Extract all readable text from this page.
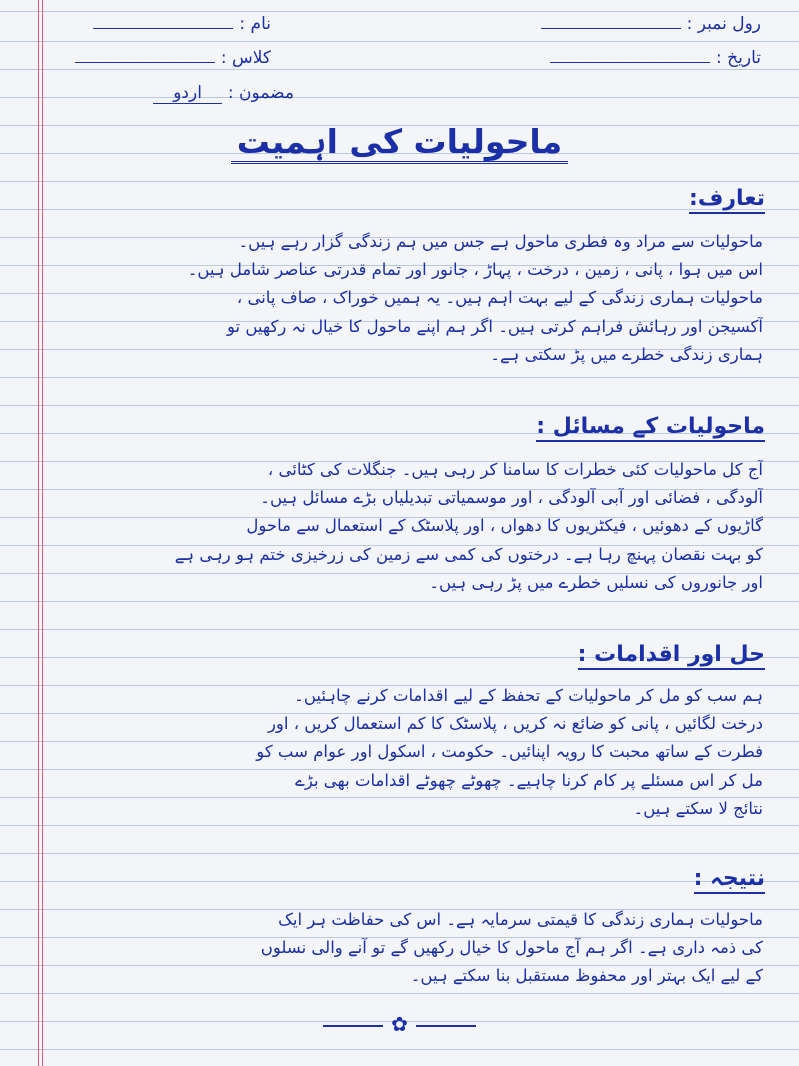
رول نمبر :
نام :
تاریخ :
کلاس :
مضمون :اردو
ماحولیات کی اہمیت
تعارف:
ماحولیات سے مراد وہ فطری ماحول ہے جس میں ہم زندگی گزار رہے ہیں۔
اس میں ہوا ، پانی ، زمین ، درخت ، پہاڑ ، جانور اور تمام قدرتی عناصر شامل ہیں۔
ماحولیات ہماری زندگی کے لیے بہت اہم ہیں۔ یہ ہمیں خوراک ، صاف پانی ،
آکسیجن اور رہائش فراہم کرتی ہیں۔ اگر ہم اپنے ماحول کا خیال نہ رکھیں تو
ہماری زندگی خطرے میں پڑ سکتی ہے۔
ماحولیات کے مسائل :
آج کل ماحولیات کئی خطرات کا سامنا کر رہی ہیں۔ جنگلات کی کٹائی ،
آلودگی ، فضائی اور آبی آلودگی ، اور موسمیاتی تبدیلیاں بڑے مسائل ہیں۔
گاڑیوں کے دھوئیں ، فیکٹریوں کا دھواں ، اور پلاسٹک کے استعمال سے ماحول
کو بہت نقصان پہنچ رہا ہے۔ درختوں کی کمی سے زمین کی زرخیزی ختم ہو رہی ہے
اور جانوروں کی نسلیں خطرے میں پڑ رہی ہیں۔
حل اور اقدامات :
ہم سب کو مل کر ماحولیات کے تحفظ کے لیے اقدامات کرنے چاہئیں۔
درخت لگائیں ، پانی کو ضائع نہ کریں ، پلاسٹک کا کم استعمال کریں ، اور
فطرت کے ساتھ محبت کا رویہ اپنائیں۔ حکومت ، اسکول اور عوام سب کو
مل کر اس مسئلے پر کام کرنا چاہیے۔ چھوٹے چھوٹے اقدامات بھی بڑے
نتائج لا سکتے ہیں۔
نتیجہ :
ماحولیات ہماری زندگی کا قیمتی سرمایہ ہے۔ اس کی حفاظت ہر ایک
کی ذمہ داری ہے۔ اگر ہم آج ماحول کا خیال رکھیں گے تو آنے والی نسلوں
کے لیے ایک بہتر اور محفوظ مستقبل بنا سکتے ہیں۔
✿
